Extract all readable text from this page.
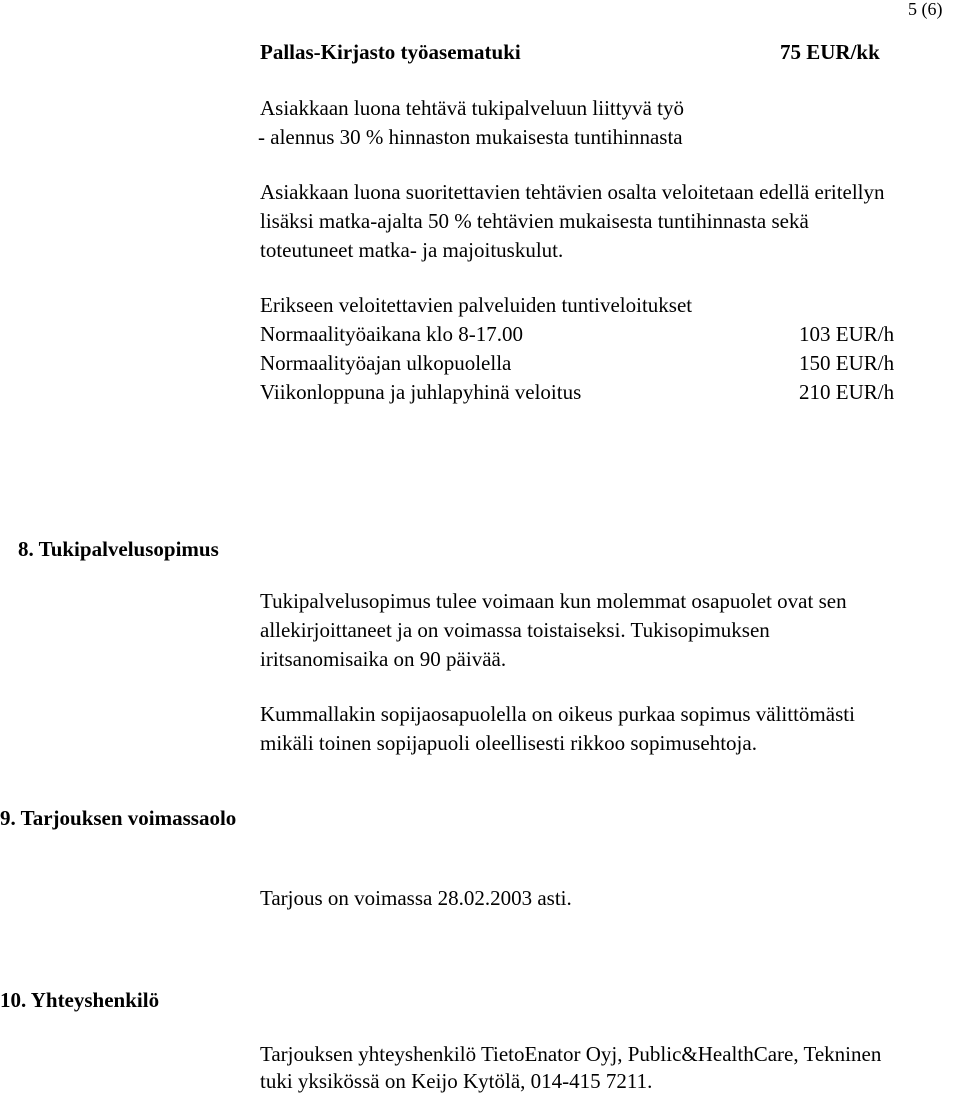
5 (6)
Pallas-Kirjasto työasematuki	75 EUR/kk
Asiakkaan luona tehtävä tukipalveluun liittyvä työ
- alennus 30 % hinnaston mukaisesta tuntihinnasta
Asiakkaan luona suoritettavien tehtävien osalta veloitetaan edellä eritellyn
lisäksi matka-ajalta 50 % tehtävien mukaisesta tuntihinnasta sekä
toteutuneet matka- ja majoituskulut.
Erikseen veloitettavien palveluiden tuntiveloitukset
Normaalityöaikana klo 8-17.00	103 EUR/h
Normaalityöajan ulkopuolella	150 EUR/h
Viikonloppuna ja juhlapyhinä veloitus	210 EUR/h
8. Tukipalvelusopimus
Tukipalvelusopimus tulee voimaan kun molemmat osapuolet ovat sen
allekirjoittaneet ja on voimassa toistaiseksi. Tukisopimuksen
iritsanomisaika on 90 päivää.
Kummallakin sopijaosapuolella on oikeus purkaa sopimus välittömästi
mikäli toinen sopijapuoli oleellisesti rikkoo sopimusehtoja.
9. Tarjouksen voimassaolo
Tarjous on voimassa 28.02.2003 asti.
10. Yhteyshenkilö
Tarjouksen yhteyshenkilö TietoEnator Oyj, Public&HealthCare, Tekninen
tuki yksikössä on Keijo Kytölä, 014-415 7211.
